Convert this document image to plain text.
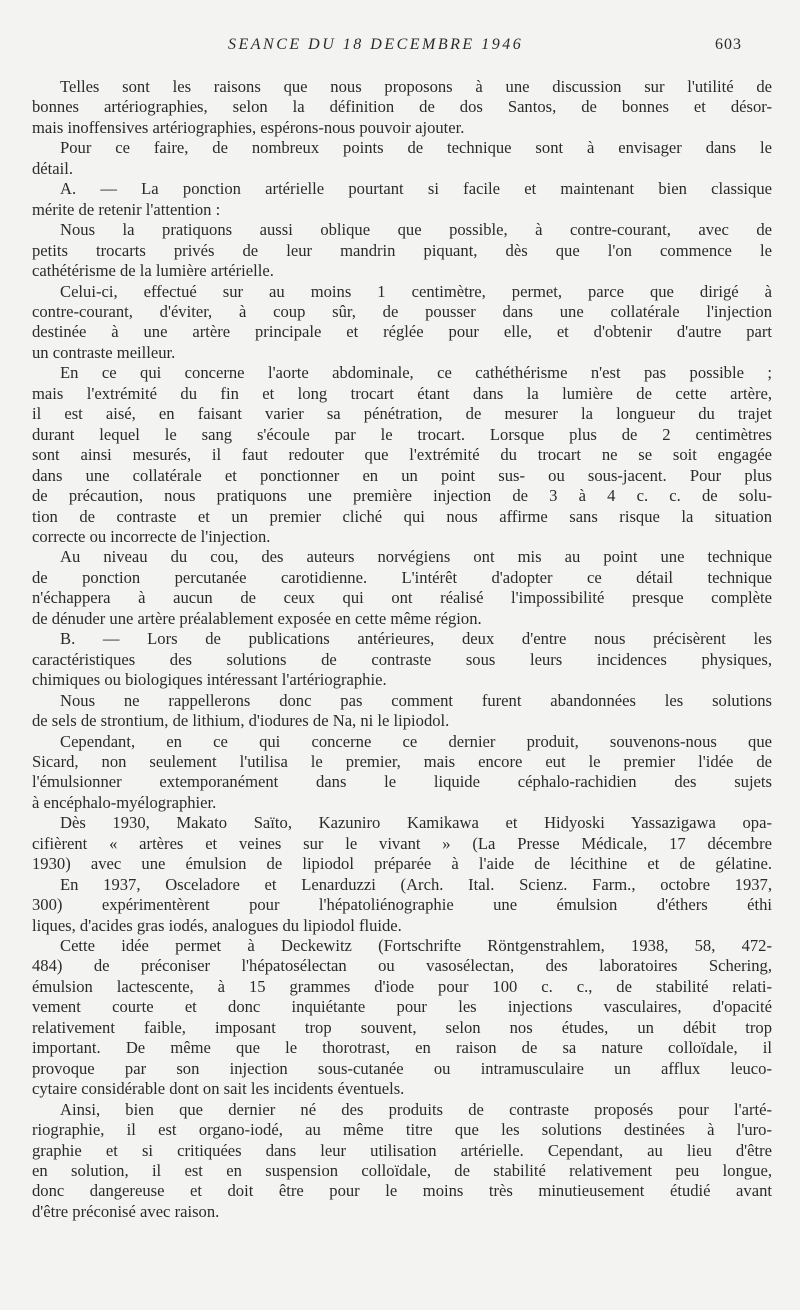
SEANCE DU 18 DECEMBRE 1946	603
Telles sont les raisons que nous proposons à une discussion sur l'utilité de
bonnes artériographies, selon la définition de dos Santos, de bonnes et désor-
mais inoffensives artériographies, espérons-nous pouvoir ajouter.
Pour ce faire, de nombreux points de technique sont à envisager dans le
détail.
A. — La ponction artérielle pourtant si facile et maintenant bien classique
mérite de retenir l'attention :
Nous la pratiquons aussi oblique que possible, à contre-courant, avec de
petits trocarts privés de leur mandrin piquant, dès que l'on commence le
cathétérisme de la lumière artérielle.
Celui-ci, effectué sur au moins 1 centimètre, permet, parce que dirigé à
contre-courant, d'éviter, à coup sûr, de pousser dans une collatérale l'injection
destinée à une artère principale et réglée pour elle, et d'obtenir d'autre part
un contraste meilleur.
En ce qui concerne l'aorte abdominale, ce cathéthérisme n'est pas possible ;
mais l'extrémité du fin et long trocart étant dans la lumière de cette artère,
il est aisé, en faisant varier sa pénétration, de mesurer la longueur du trajet
durant lequel le sang s'écoule par le trocart. Lorsque plus de 2 centimètres
sont ainsi mesurés, il faut redouter que l'extrémité du trocart ne se soit engagée
dans une collatérale et ponctionner en un point sus- ou sous-jacent. Pour plus
de précaution, nous pratiquons une première injection de 3 à 4 c. c. de solu-
tion de contraste et un premier cliché qui nous affirme sans risque la situation
correcte ou incorrecte de l'injection.
Au niveau du cou, des auteurs norvégiens ont mis au point une technique
de ponction percutanée carotidienne. L'intérêt d'adopter ce détail technique
n'échappera à aucun de ceux qui ont réalisé l'impossibilité presque complète
de dénuder une artère préalablement exposée en cette même région.
B. — Lors de publications antérieures, deux d'entre nous précisèrent les
caractéristiques des solutions de contraste sous leurs incidences physiques,
chimiques ou biologiques intéressant l'artériographie.
Nous ne rappellerons donc pas comment furent abandonnées les solutions
de sels de strontium, de lithium, d'iodures de Na, ni le lipiodol.
Cependant, en ce qui concerne ce dernier produit, souvenons-nous que
Sicard, non seulement l'utilisa le premier, mais encore eut le premier l'idée de
l'émulsionner extemporanément dans le liquide céphalo-rachidien des sujets
à encéphalo-myélographier.
Dès 1930, Makato Saïto, Kazuniro Kamikawa et Hidyoski Yassazigawa opa-
cifièrent « artères et veines sur le vivant » (La Presse Médicale, 17 décembre
1930) avec une émulsion de lipiodol préparée à l'aide de lécithine et de gélatine.
En 1937, Osceladore et Lenarduzzi (Arch. Ital. Scienz. Farm., octobre 1937,
300) expérimentèrent pour l'hépatoliénographie une émulsion d'éthers éthi
liques, d'acides gras iodés, analogues du lipiodol fluide.
Cette idée permet à Deckewitz (Fortschrifte Röntgenstrahlem, 1938, 58, 472-
484) de préconiser l'hépatosélectan ou vasosélectan, des laboratoires Schering,
émulsion lactescente, à 15 grammes d'iode pour 100 c. c., de stabilité relati-
vement courte et donc inquiétante pour les injections vasculaires, d'opacité
relativement faible, imposant trop souvent, selon nos études, un débit trop
important. De même que le thorotrast, en raison de sa nature colloïdale, il
provoque par son injection sous-cutanée ou intramusculaire un afflux leuco-
cytaire considérable dont on sait les incidents éventuels.
Ainsi, bien que dernier né des produits de contraste proposés pour l'arté-
riographie, il est organo-iodé, au même titre que les solutions destinées à l'uro-
graphie et si critiquées dans leur utilisation artérielle. Cependant, au lieu d'être
en solution, il est en suspension colloïdale, de stabilité relativement peu longue,
donc dangereuse et doit être pour le moins très minutieusement étudié avant
d'être préconisé avec raison.
